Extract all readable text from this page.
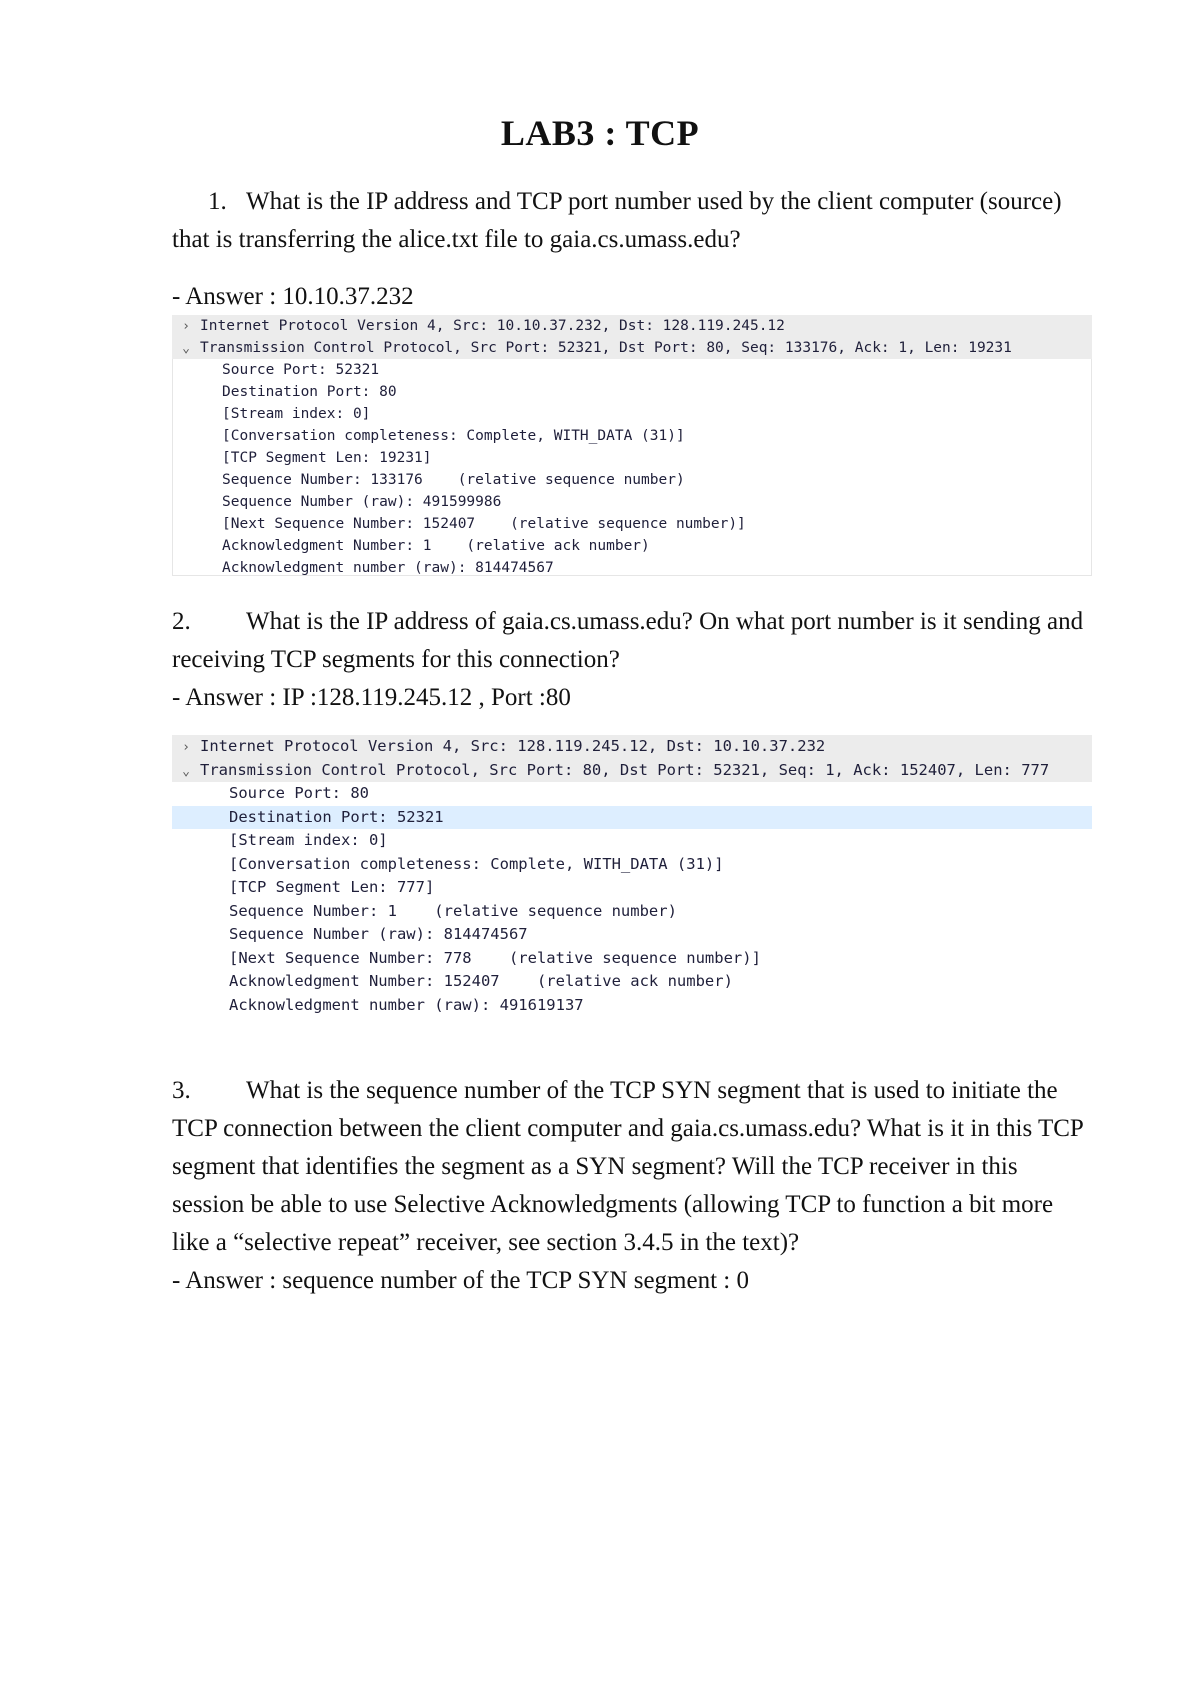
LAB3 : TCP
1. What is the IP address and TCP port number used by the client computer (source) that is transferring the alice.txt file to gaia.cs.umass.edu?
- Answer : 10.10.37.232
› Internet Protocol Version 4, Src: 10.10.37.232, Dst: 128.119.245.12
⌄ Transmission Control Protocol, Src Port: 52321, Dst Port: 80, Seq: 133176, Ack: 1, Len: 19231
Source Port: 52321
Destination Port: 80
[Stream index: 0]
[Conversation completeness: Complete, WITH_DATA (31)]
[TCP Segment Len: 19231]
Sequence Number: 133176    (relative sequence number)
Sequence Number (raw): 491599986
[Next Sequence Number: 152407    (relative sequence number)]
Acknowledgment Number: 1    (relative ack number)
Acknowledgment number (raw): 814474567
2. What is the IP address of gaia.cs.umass.edu? On what port number is it sending and receiving TCP segments for this connection?
- Answer : IP :128.119.245.12 , Port :80
› Internet Protocol Version 4, Src: 128.119.245.12, Dst: 10.10.37.232
⌄ Transmission Control Protocol, Src Port: 80, Dst Port: 52321, Seq: 1, Ack: 152407, Len: 777
Source Port: 80
Destination Port: 52321
[Stream index: 0]
[Conversation completeness: Complete, WITH_DATA (31)]
[TCP Segment Len: 777]
Sequence Number: 1    (relative sequence number)
Sequence Number (raw): 814474567
[Next Sequence Number: 778    (relative sequence number)]
Acknowledgment Number: 152407    (relative ack number)
Acknowledgment number (raw): 491619137
3. What is the sequence number of the TCP SYN segment that is used to initiate the TCP connection between the client computer and gaia.cs.umass.edu? What is it in this TCP segment that identifies the segment as a SYN segment? Will the TCP receiver in this session be able to use Selective Acknowledgments (allowing TCP to function a bit more like a “selective repeat” receiver, see section 3.4.5 in the text)?
- Answer : sequence number of the TCP SYN segment : 0
